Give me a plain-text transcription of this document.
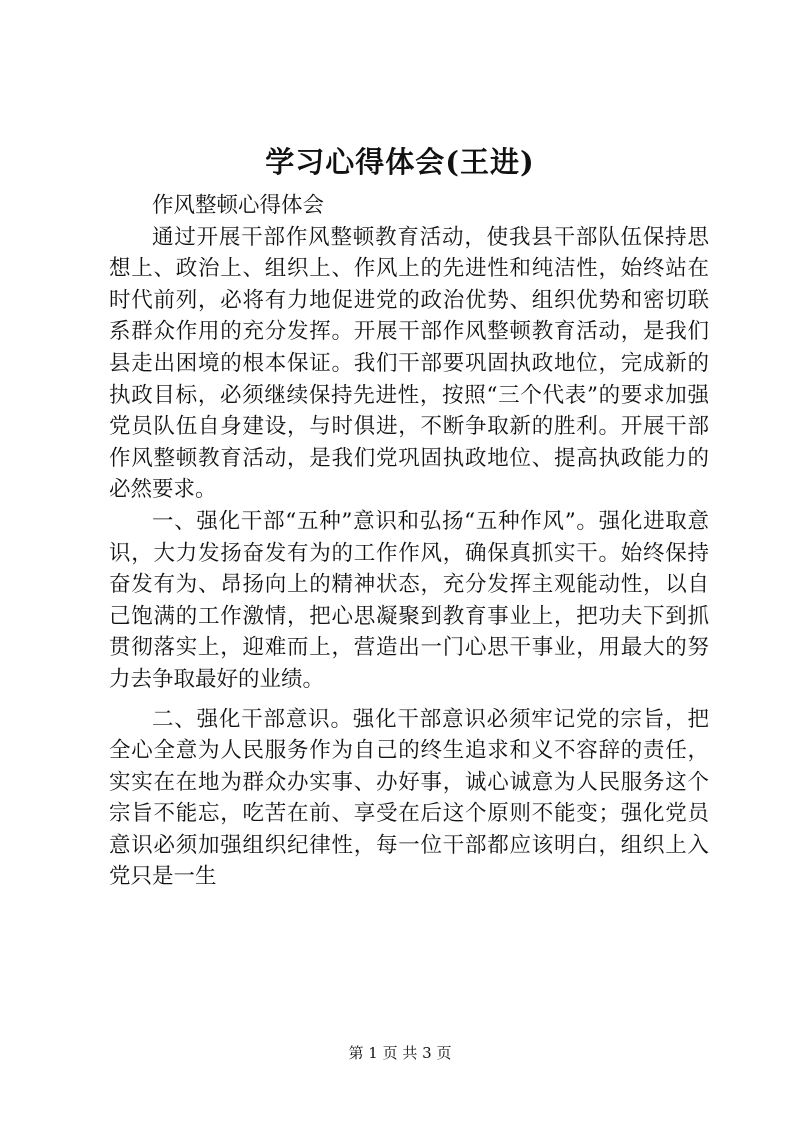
学习心得体会(王进)

作风整顿心得体会

通过开展干部作风整顿教育活动，使我县干部队伍保持思想上、政治上、组织上、作风上的先进性和纯洁性，始终站在时代前列，必将有力地促进党的政治优势、组织优势和密切联系群众作用的充分发挥。开展干部作风整顿教育活动，是我们县走出困境的根本保证。我们干部要巩固执政地位，完成新的执政目标，必须继续保持先进性，按照“三个代表”的要求加强党员队伍自身建设，与时俱进，不断争取新的胜利。开展干部作风整顿教育活动，是我们党巩固执政地位、提高执政能力的必然要求。

一、强化干部“五种”意识和弘扬“五种作风”。强化进取意识，大力发扬奋发有为的工作作风，确保真抓实干。始终保持奋发有为、昂扬向上的精神状态，充分发挥主观能动性，以自己饱满的工作激情，把心思凝聚到教育事业上，把功夫下到抓贯彻落实上，迎难而上，营造出一门心思干事业，用最大的努力去争取最好的业绩。

二、强化干部意识。强化干部意识必须牢记党的宗旨，把全心全意为人民服务作为自己的终生追求和义不容辞的责任，实实在在地为群众办实事、办好事，诚心诚意为人民服务这个宗旨不能忘，吃苦在前、享受在后这个原则不能变；强化党员意识必须加强组织纪律性，每一位干部都应该明白，组织上入党只是一生

第 1 页 共 3 页
